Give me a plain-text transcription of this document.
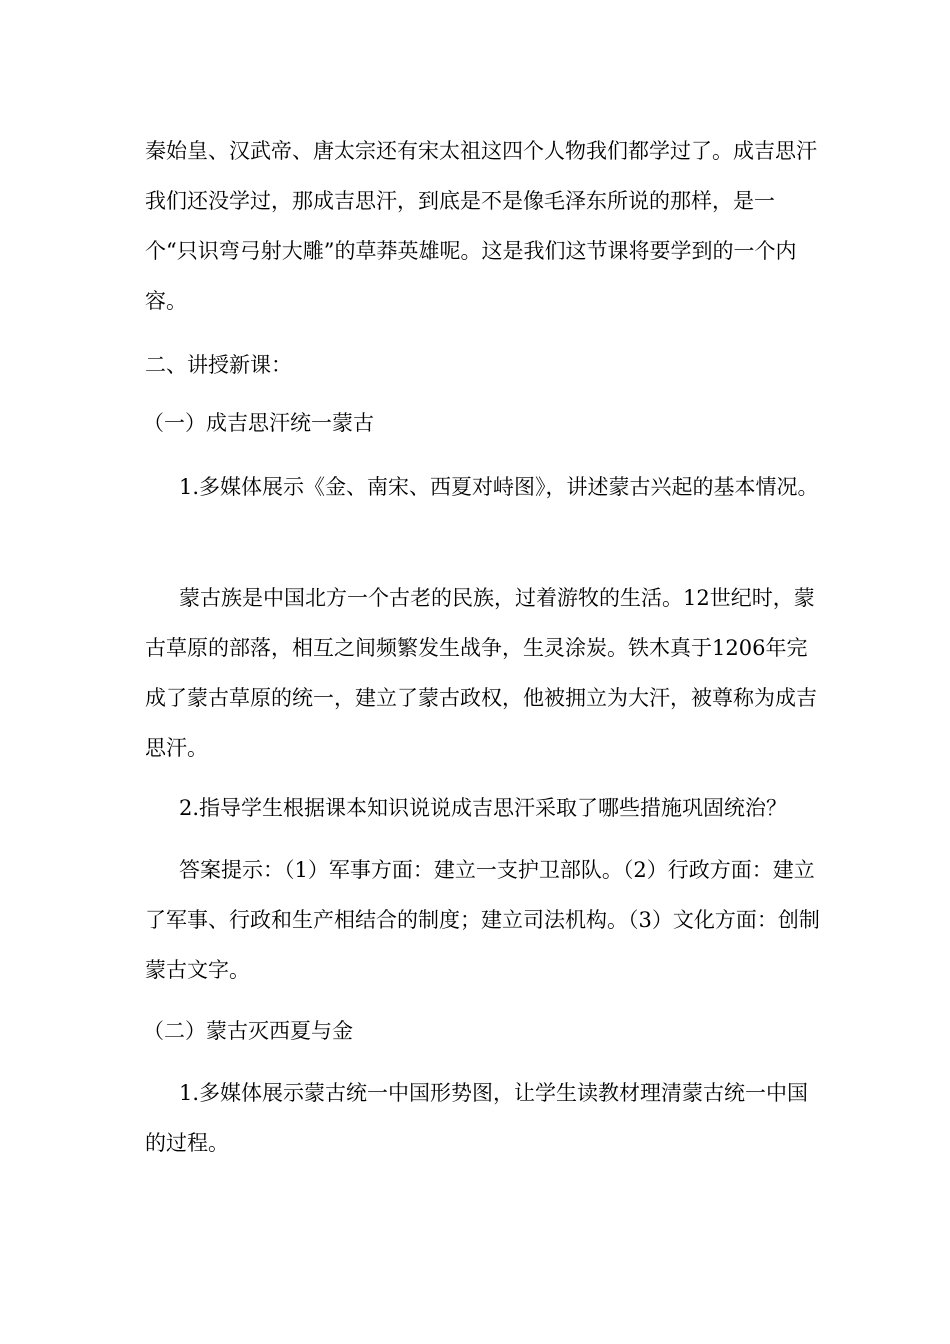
秦始皇、汉武帝、唐太宗还有宋太祖这四个人物我们都学过了。成吉思汗我们还没学过，那成吉思汗，到底是不是像毛泽东所说的那样，是一个“只识弯弓射大雕”的草莽英雄呢。这是我们这节课将要学到的一个内容。

二、讲授新课：

（一）成吉思汗统一蒙古

1.多媒体展示《金、南宋、西夏对峙图》，讲述蒙古兴起的基本情况。

蒙古族是中国北方一个古老的民族，过着游牧的生活。12世纪时，蒙古草原的部落，相互之间频繁发生战争，生灵涂炭。铁木真于1206年完成了蒙古草原的统一，建立了蒙古政权，他被拥立为大汗，被尊称为成吉思汗。

2.指导学生根据课本知识说说成吉思汗采取了哪些措施巩固统治？

答案提示：（1）军事方面：建立一支护卫部队。（2）行政方面：建立了军事、行政和生产相结合的制度；建立司法机构。（3）文化方面：创制蒙古文字。

（二）蒙古灭西夏与金

1.多媒体展示蒙古统一中国形势图，让学生读教材理清蒙古统一中国的过程。
